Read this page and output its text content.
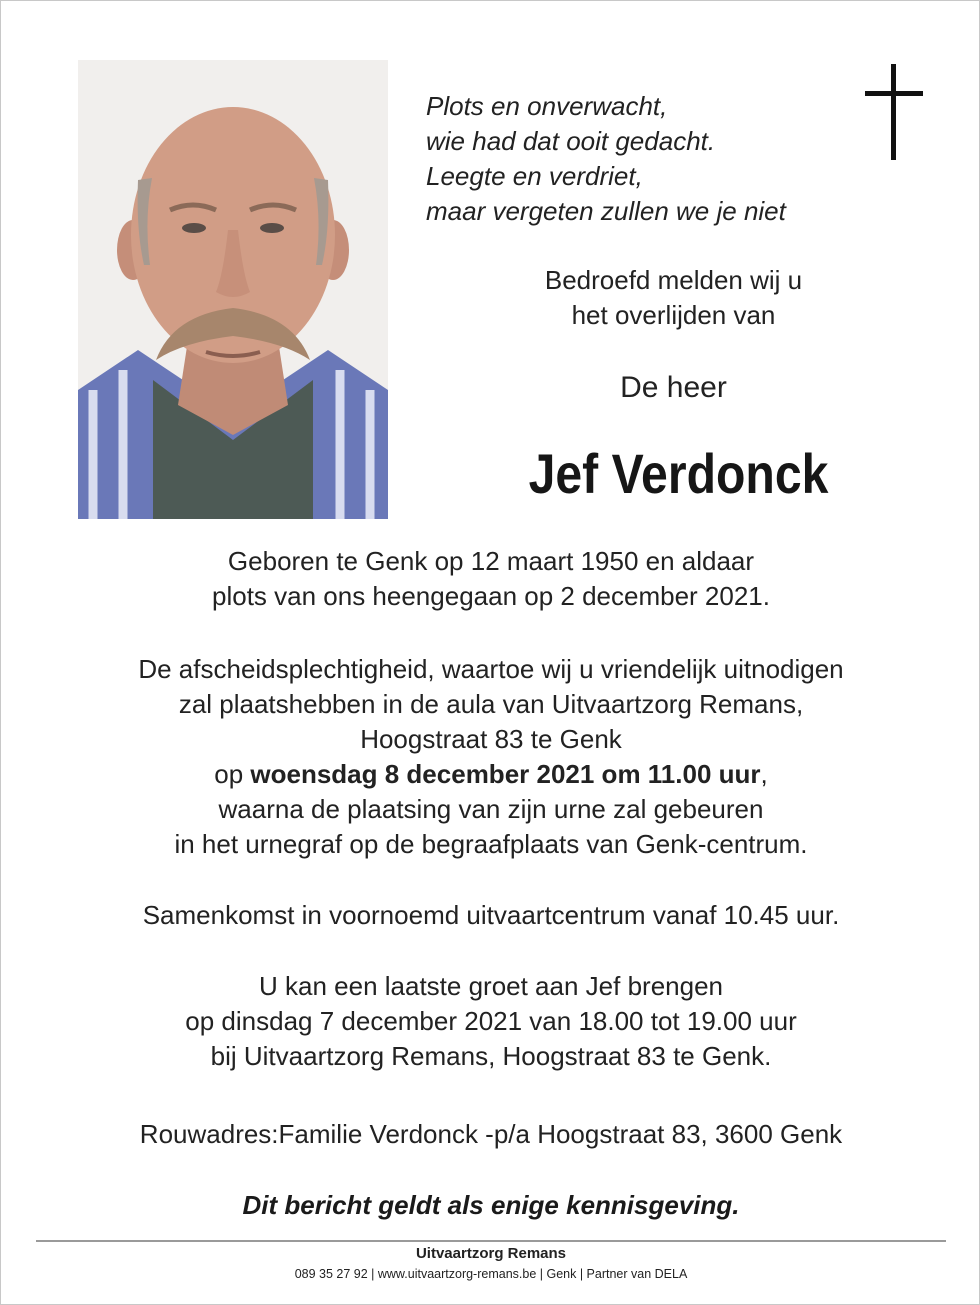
Plots en onverwacht,
wie had dat ooit gedacht.
Leegte en verdriet,
maar vergeten zullen we je niet
Bedroefd melden wij u
het overlijden van
De heer
Jef Verdonck
Geboren te Genk op 12 maart 1950 en aldaar
plots van ons heengegaan op 2 december 2021.
De afscheidsplechtigheid, waartoe wij u vriendelijk uitnodigen
zal plaatshebben in de aula van Uitvaartzorg Remans,
Hoogstraat 83 te Genk
op woensdag 8 december 2021 om 11.00 uur,
waarna de plaatsing van zijn urne zal gebeuren
in het urnegraf op de begraafplaats van Genk-centrum.
Samenkomst in voornoemd uitvaartcentrum vanaf 10.45 uur.
U kan een laatste groet aan Jef brengen
op dinsdag 7 december 2021 van 18.00 tot 19.00 uur
bij Uitvaartzorg Remans, Hoogstraat 83 te Genk.
Rouwadres:Familie Verdonck -p/a Hoogstraat 83, 3600 Genk
Dit bericht geldt als enige kennisgeving.
Uitvaartzorg Remans
089 35 27 92 | www.uitvaartzorg-remans.be | Genk | Partner van DELA
